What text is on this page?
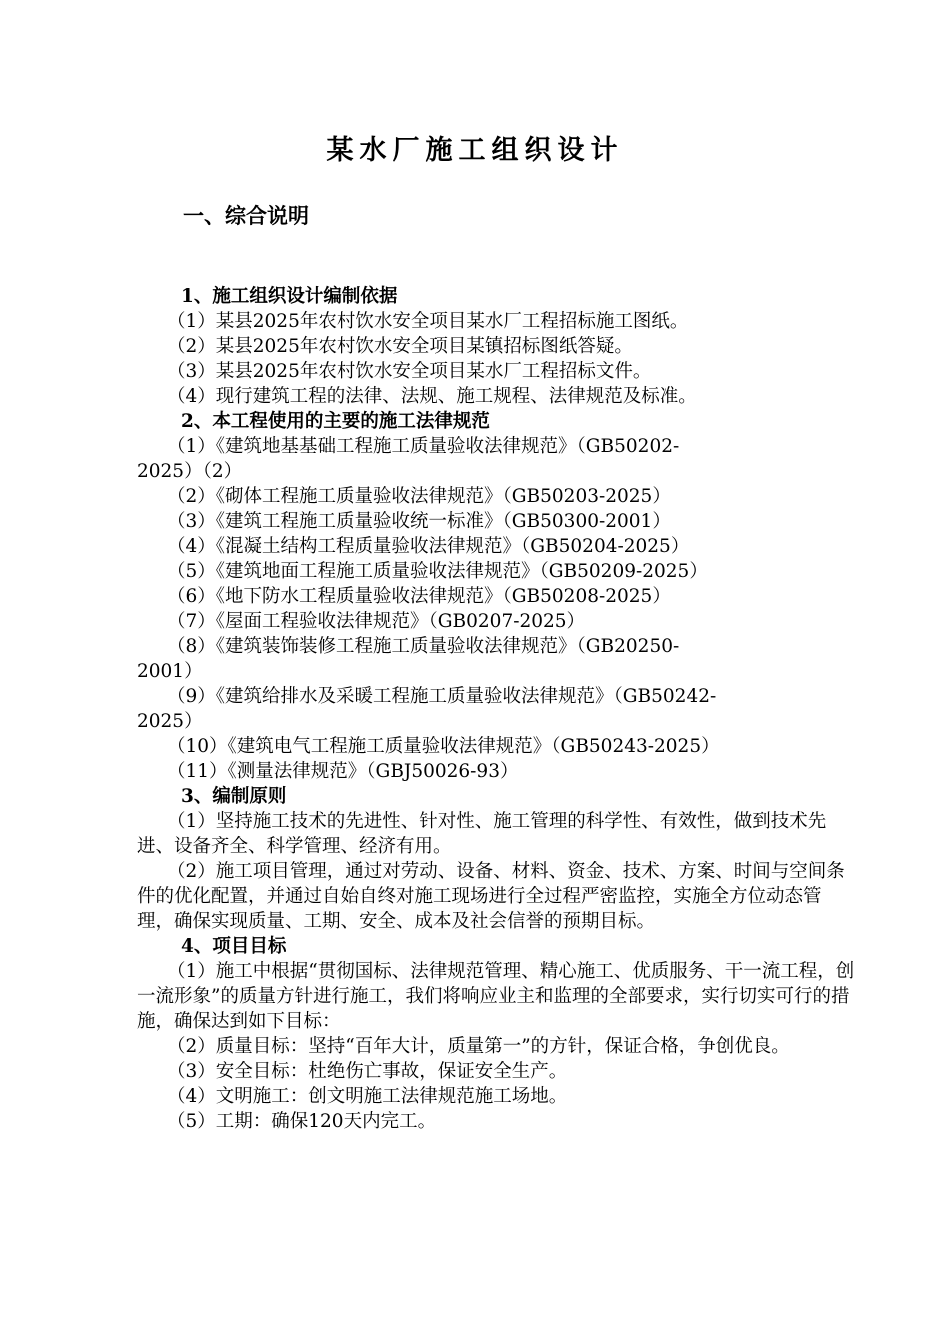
某水厂施工组织设计
一、综合说明

1、施工组织设计编制依据

（1）某县2025年农村饮水安全项目某水厂工程招标施工图纸。

（2）某县2025年农村饮水安全项目某镇招标图纸答疑。

（3）某县2025年农村饮水安全项目某水厂工程招标文件。

（4）现行建筑工程的法律、法规、施工规程、法律规范及标准。

2、本工程使用的主要的施工法律规范

（1）《建筑地基基础工程施工质量验收法律规范》（GB50202-

2025）（2）

（2）《砌体工程施工质量验收法律规范》（GB50203-2025）

（3）《建筑工程施工质量验收统一标准》（GB50300-2001）

（4）《混凝土结构工程质量验收法律规范》（GB50204-2025）

（5）《建筑地面工程施工质量验收法律规范》（GB50209-2025）

（6）《地下防水工程质量验收法律规范》（GB50208-2025）

（7）《屋面工程验收法律规范》（GB0207-2025）

（8）《建筑装饰装修工程施工质量验收法律规范》（GB20250-

2001）

（9）《建筑给排水及采暖工程施工质量验收法律规范》（GB50242-

2025）

（10）《建筑电气工程施工质量验收法律规范》（GB50243-2025）

（11）《测量法律规范》（GBJ50026-93）

3、编制原则

（1）坚持施工技术的先进性、针对性、施工管理的科学性、有效性，做到技术先进、设备齐全、科学管理、经济有用。

（2）施工项目管理，通过对劳动、设备、材料、资金、技术、方案、时间与空间条件的优化配置，并通过自始自终对施工现场进行全过程严密监控，实施全方位动态管理，确保实现质量、工期、安全、成本及社会信誉的预期目标。

4、项目目标

（1）施工中根据“贯彻国标、法律规范管理、精心施工、优质服务、干一流工程，创一流形象”的质量方针进行施工，我们将响应业主和监理的全部要求，实行切实可行的措施，确保达到如下目标：

（2）质量目标：坚持“百年大计，质量第一”的方针，保证合格，争创优良。

（3）安全目标：杜绝伤亡事故，保证安全生产。

（4）文明施工：创文明施工法律规范施工场地。

（5）工期：确保120天内完工。
